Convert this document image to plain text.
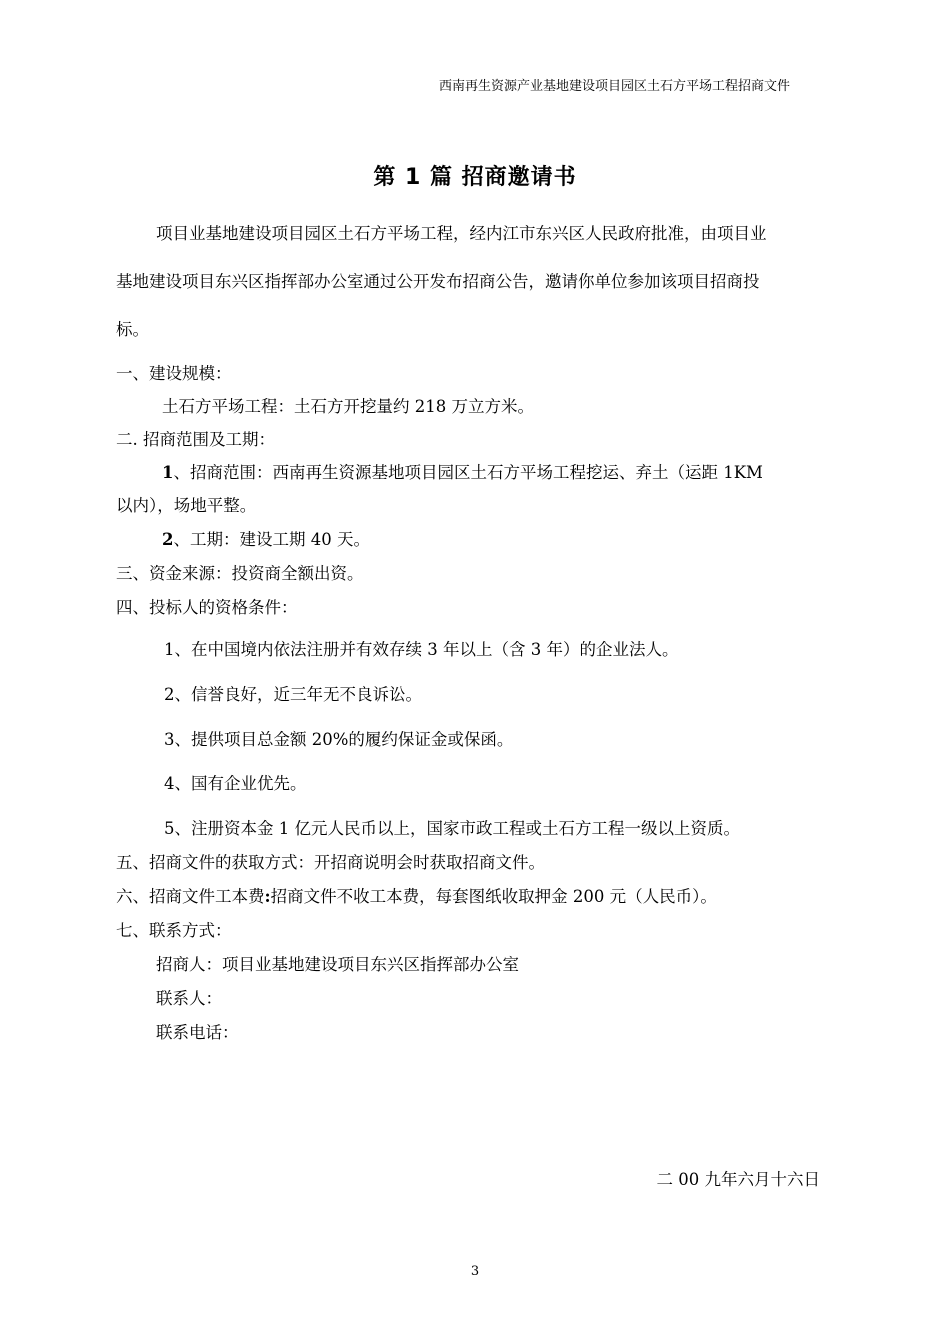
西南再生资源产业基地建设项目园区土石方平场工程招商文件
第 1 篇 招商邀请书
项目业基地建设项目园区土石方平场工程，经内江市东兴区人民政府批准，由项目业
基地建设项目东兴区指挥部办公室通过公开发布招商公告，邀请你单位参加该项目招商投
标。
一、建设规模：
土石方平场工程：土石方开挖量约 218 万立方米。
二. 招商范围及工期：
1、招商范围：西南再生资源基地项目园区土石方平场工程挖运、弃土（运距 1KM
以内），场地平整。
2、工期：建设工期 40 天。
三、资金来源：投资商全额出资。
四、投标人的资格条件：
1、在中国境内依法注册并有效存续 3 年以上（含 3 年）的企业法人。
2、信誉良好，近三年无不良诉讼。
3、提供项目总金额 20%的履约保证金或保函。
4、国有企业优先。
5、注册资本金 1 亿元人民币以上，国家市政工程或土石方工程一级以上资质。
五、招商文件的获取方式：开招商说明会时获取招商文件。
六、招商文件工本费:招商文件不收工本费，每套图纸收取押金 200 元（人民币）。
七、联系方式：
招商人：项目业基地建设项目东兴区指挥部办公室
联系人：
联系电话：
二 00 九年六月十六日
3
